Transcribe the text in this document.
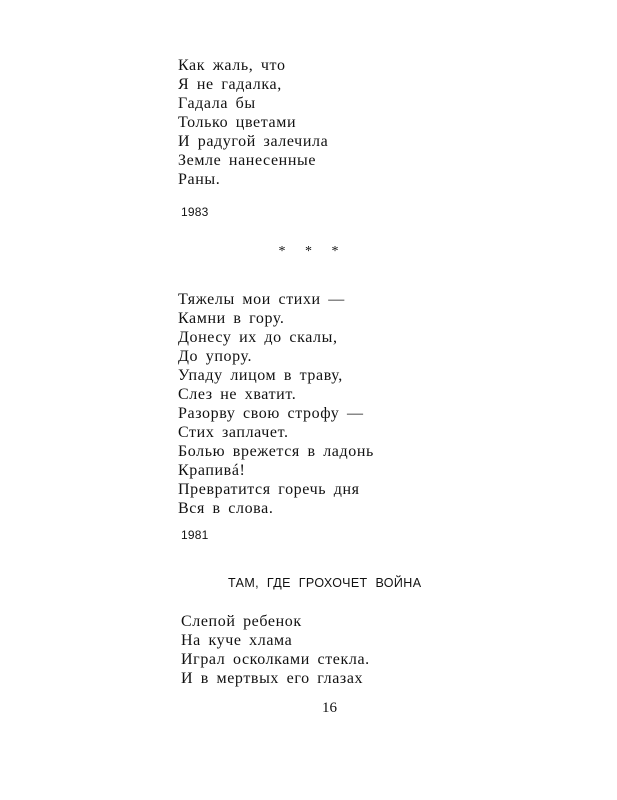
Как жаль, что
Я не гадалка,
Гадала бы
Только цветами
И радугой залечила
Земле нанесенные
Раны.
1983
* * *
Тяжелы мои стихи —
Камни в гору.
Донесу их до скалы,
До упору.
Упаду лицом в траву,
Слез не хватит.
Разорву свою строфу —
Стих заплачет.
Болью врежется в ладонь
Крапивá!
Превратится горечь дня
Вся в слова.
1981
ТАМ, ГДЕ ГРОХОЧЕТ ВОЙНА
Слепой ребенок
На куче хлама
Играл осколками стекла.
И в мертвых его глазах
16
